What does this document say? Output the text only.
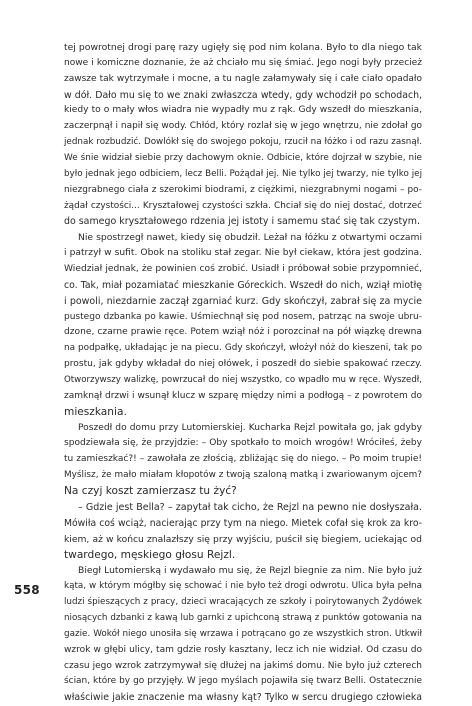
tej powrotnej drogi parę razy ugięły się pod nim kolana. Było to dla niego tak
nowe i komiczne doznanie, że aż chciało mu się śmiać. Jego nogi były przecież
zawsze tak wytrzymałe i mocne, a tu nagle załamywały się i całe ciało opadało
w dół. Dało mu się to we znaki zwłaszcza wtedy, gdy wchodził po schodach,
kiedy to o mały włos wiadra nie wypadły mu z rąk. Gdy wszedł do mieszkania,
zaczerpnął i napił się wody. Chłód, który rozlał się w jego wnętrzu, nie zdołał go
jednak rozbudzić. Dowlókł się do swojego pokoju, rzucił na łóżko i od razu zasnął.
We śnie widział siebie przy dachowym oknie. Odbicie, które dojrzał w szybie, nie
było jednak jego odbiciem, lecz Belli. Pożądał jej. Nie tylko jej twarzy, nie tylko jej
niezgrabnego ciała z szerokimi biodrami, z ciężkimi, niezgrabnymi nogami – po-
żądał czystości... Kryształowej czystości szkła. Chciał się do niej dostać, dotrzeć
do samego kryształowego rdzenia jej istoty i samemu stać się tak czystym.
Nie spostrzegł nawet, kiedy się obudził. Leżał na łóżku z otwartymi oczami
i patrzył w sufit. Obok na stoliku stał zegar. Nie był ciekaw, która jest godzina.
Wiedział jednak, że powinien coś zrobić. Usiadł i próbował sobie przypomnieć,
co. Tak, miał pozamiatać mieszkanie Góreckich. Wszedł do nich, wziął miotłę
i powoli, niezdarnie zaczął zgarniać kurz. Gdy skończył, zabrał się za mycie
pustego dzbanka po kawie. Uśmiechnął się pod nosem, patrząc na swoje ubru-
dzone, czarne prawie ręce. Potem wziął nóż i porozcinał na pół wiązkę drewna
na podpałkę, układając je na piecu. Gdy skończył, włożył nóż do kieszeni, tak po
prostu, jak gdyby wkładał do niej ołówek, i poszedł do siebie spakować rzeczy.
Otworzywszy walizkę, powrzucał do niej wszystko, co wpadło mu w ręce. Wyszedł,
zamknął drzwi i wsunął klucz w szparę między nimi a podłogą – z powrotem do
mieszkania.
Poszedł do domu przy Lutomierskiej. Kucharka Rejzl powitała go, jak gdyby
spodziewała się, że przyjdzie: – Oby spotkało to moich wrogów! Wróciłeś, żeby
tu zamieszkać?! – zawołała ze złością, zbliżając się do niego. – Po moim trupie!
Myślisz, że mało miałam kłopotów z twoją szaloną matką i zwariowanym ojcem?
Na czyj koszt zamierzasz tu żyć?
– Gdzie jest Bella? – zapytał tak cicho, że Rejzl na pewno nie dosłyszała.
Mówiła coś wciąż, nacierając przy tym na niego. Mietek cofał się krok za kro-
kiem, aż w końcu znalazłszy się przy wyjściu, puścił się biegiem, uciekając od
twardego, męskiego głosu Rejzl.
Biegł Lutomierską i wydawało mu się, że Rejzl biegnie za nim. Nie było już
kąta, w którym mógłby się schować i nie było też drogi odwrotu. Ulica była pełna
ludzi śpieszących z pracy, dzieci wracających ze szkoły i poirytowanych Żydówek
niosących dzbanki z kawą lub garnki z upichconą strawą z punktów gotowania na
gazie. Wokół niego unosiła się wrzawa i potrącano go ze wszystkich stron. Utkwił
wzrok w głębi ulicy, tam gdzie rosły kasztany, lecz ich nie widział. Od czasu do
czasu jego wzrok zatrzymywał się dłużej na jakimś domu. Nie było już czterech
ścian, które by go przyjęły. W jego myślach pojawiła się twarz Belli. Ostatecznie
właściwie jakie znaczenie ma własny kąt? Tylko w sercu drugiego człowieka
558
